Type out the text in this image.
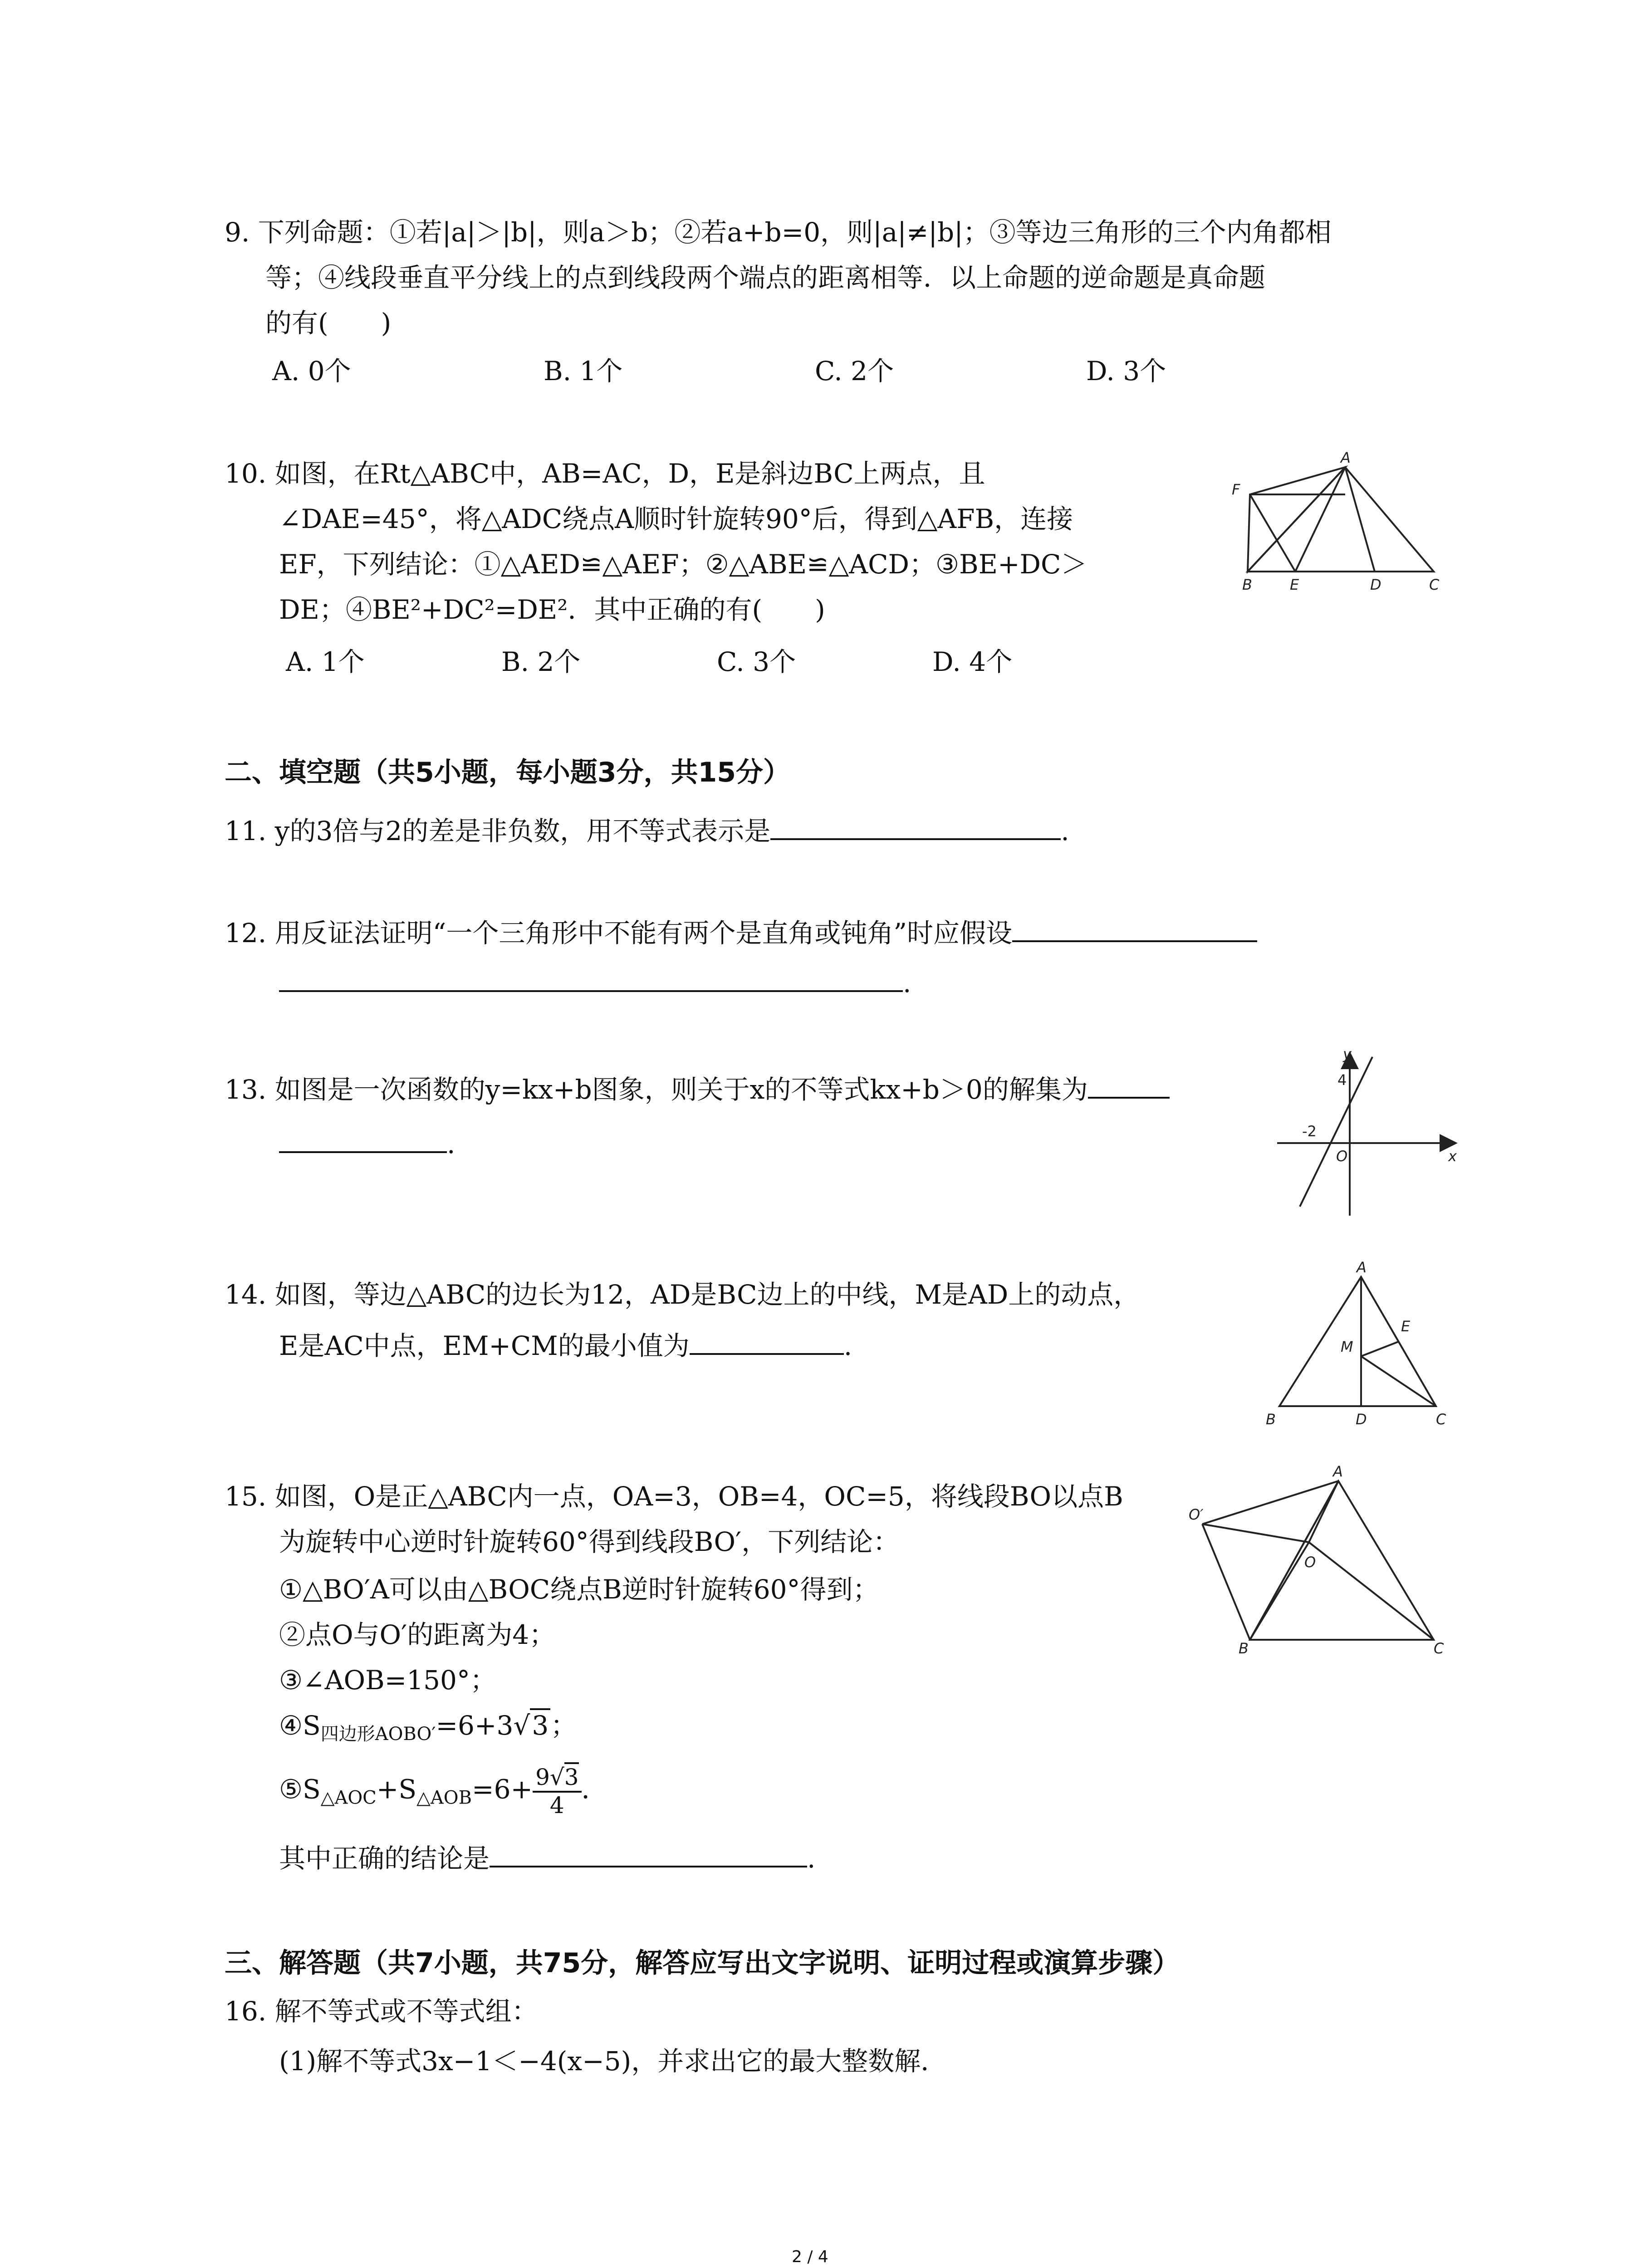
9. 下列命题：①若|a|＞|b|，则a＞b；②若a+b=0，则|a|≠|b|；③等边三角形的三个内角都相
等；④线段垂直平分线上的点到线段两个端点的距离相等．以上命题的逆命题是真命题
的有(　　)
A. 0个	B. 1个	C. 2个	D. 3个
10. 如图，在Rt△ABC中，AB=AC，D，E是斜边BC上两点，且
∠DAE=45°，将△ADC绕点A顺时针旋转90°后，得到△AFB，连接
EF，下列结论：①△AED≌△AEF；②△ABE≌△ACD；③BE+DC＞
DE；④BE²+DC²=DE²．其中正确的有(　　)
A. 1个	B. 2个	C. 3个	D. 4个
A
F
B	E	D	C
二、填空题（共5小题，每小题3分，共15分）
11. y的3倍与2的差是非负数，用不等式表示是	.
12. 用反证法证明“一个三角形中不能有两个是直角或钝角”时应假设
.
13. 如图是一次函数的y=kx+b图象，则关于x的不等式kx+b＞0的解集为
.
y
4
-2
O	x
14. 如图，等边△ABC的边长为12，AD是BC边上的中线，M是AD上的动点，
E是AC中点，EM+CM的最小值为	.
A
E
M
B	D	C
15. 如图，O是正△ABC内一点，OA=3，OB=4，OC=5，将线段BO以点B
为旋转中心逆时针旋转60°得到线段BO′，下列结论：
①△BO′A可以由△BOC绕点B逆时针旋转60°得到；
②点O与O′的距离为4；
③∠AOB=150°；
$④S_{四边形AOBO'}=6+3√3$；
$⑤S_{\triangle AOC}+S_{\triangle AOB}=6+ \frac{9√3}{4}$ ．
其中正确的结论是	.
A
O′
O
B	C
三、解答题（共7小题，共75分，解答应写出文字说明、证明过程或演算步骤）
16. 解不等式或不等式组：
(1)解不等式3x−1＜−4(x−5)，并求出它的最大整数解．
2 / 4
